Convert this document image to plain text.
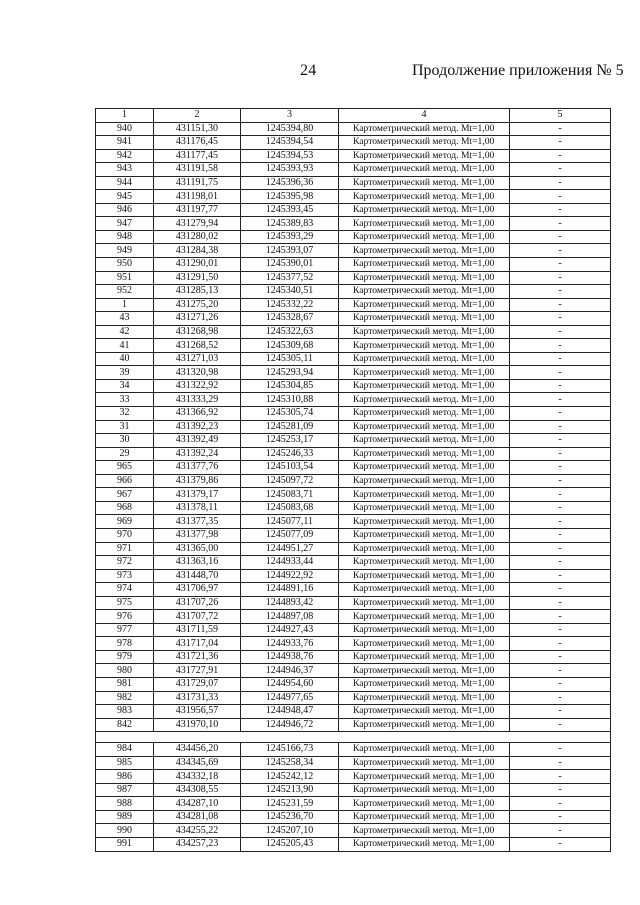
24	Продолжение приложения № 5
1	2	3	4	5
940	431151,30	1245394,80	Картометрический метод. Mt=1,00	-
941	431176,45	1245394,54	Картометрический метод. Mt=1,00	-
942	431177,45	1245394,53	Картометрический метод. Mt=1,00	-
943	431191,58	1245393,93	Картометрический метод. Mt=1,00	-
944	431191,75	1245396,36	Картометрический метод. Mt=1,00	-
945	431198,01	1245395,98	Картометрический метод. Mt=1,00	-
946	431197,77	1245393,45	Картометрический метод. Mt=1,00	-
947	431279,94	1245389,83	Картометрический метод. Mt=1,00	-
948	431280,02	1245393,29	Картометрический метод. Mt=1,00	-
949	431284,38	1245393,07	Картометрический метод. Mt=1,00	-
950	431290,01	1245390,01	Картометрический метод. Mt=1,00	-
951	431291,50	1245377,52	Картометрический метод. Mt=1,00	-
952	431285,13	1245340,51	Картометрический метод. Mt=1,00	-
1	431275,20	1245332,22	Картометрический метод. Mt=1,00	-
43	431271,26	1245328,67	Картометрический метод. Mt=1,00	-
42	431268,98	1245322,63	Картометрический метод. Mt=1,00	-
41	431268,52	1245309,68	Картометрический метод. Mt=1,00	-
40	431271,03	1245305,11	Картометрический метод. Mt=1,00	-
39	431320,98	1245293,94	Картометрический метод. Mt=1,00	-
34	431322,92	1245304,85	Картометрический метод. Mt=1,00	-
33	431333,29	1245310,88	Картометрический метод. Mt=1,00	-
32	431366,92	1245305,74	Картометрический метод. Mt=1,00	-
31	431392,23	1245281,09	Картометрический метод. Mt=1,00	-
30	431392,49	1245253,17	Картометрический метод. Mt=1,00	-
29	431392,24	1245246,33	Картометрический метод. Mt=1,00	-
965	431377,76	1245103,54	Картометрический метод. Mt=1,00	-
966	431379,86	1245097,72	Картометрический метод. Mt=1,00	-
967	431379,17	1245083,71	Картометрический метод. Mt=1,00	-
968	431378,11	1245083,68	Картометрический метод. Mt=1,00	-
969	431377,35	1245077,11	Картометрический метод. Mt=1,00	-
970	431377,98	1245077,09	Картометрический метод. Mt=1,00	-
971	431365,00	1244951,27	Картометрический метод. Mt=1,00	-
972	431363,16	1244933,44	Картометрический метод. Mt=1,00	-
973	431448,70	1244922,92	Картометрический метод. Mt=1,00	-
974	431706,97	1244891,16	Картометрический метод. Mt=1,00	-
975	431707,26	1244893,42	Картометрический метод. Mt=1,00	-
976	431707,72	1244897,08	Картометрический метод. Mt=1,00	-
977	431711,59	1244927,43	Картометрический метод. Mt=1,00	-
978	431717,04	1244933,76	Картометрический метод. Mt=1,00	-
979	431721,36	1244938,76	Картометрический метод. Mt=1,00	-
980	431727,91	1244946,37	Картометрический метод. Mt=1,00	-
981	431729,07	1244954,60	Картометрический метод. Mt=1,00	-
982	431731,33	1244977,65	Картометрический метод. Mt=1,00	-
983	431956,57	1244948,47	Картометрический метод. Mt=1,00	-
842	431970,10	1244946,72	Картометрический метод. Mt=1,00	-

984	434456,20	1245166,73	Картометрический метод. Mt=1,00	-
985	434345,69	1245258,34	Картометрический метод. Mt=1,00	-
986	434332,18	1245242,12	Картометрический метод. Mt=1,00	-
987	434308,55	1245213,90	Картометрический метод. Mt=1,00	-
988	434287,10	1245231,59	Картометрический метод. Mt=1,00	-
989	434281,08	1245236,70	Картометрический метод. Mt=1,00	-
990	434255,22	1245207,10	Картометрический метод. Mt=1,00	-
991	434257,23	1245205,43	Картометрический метод. Mt=1,00	-
